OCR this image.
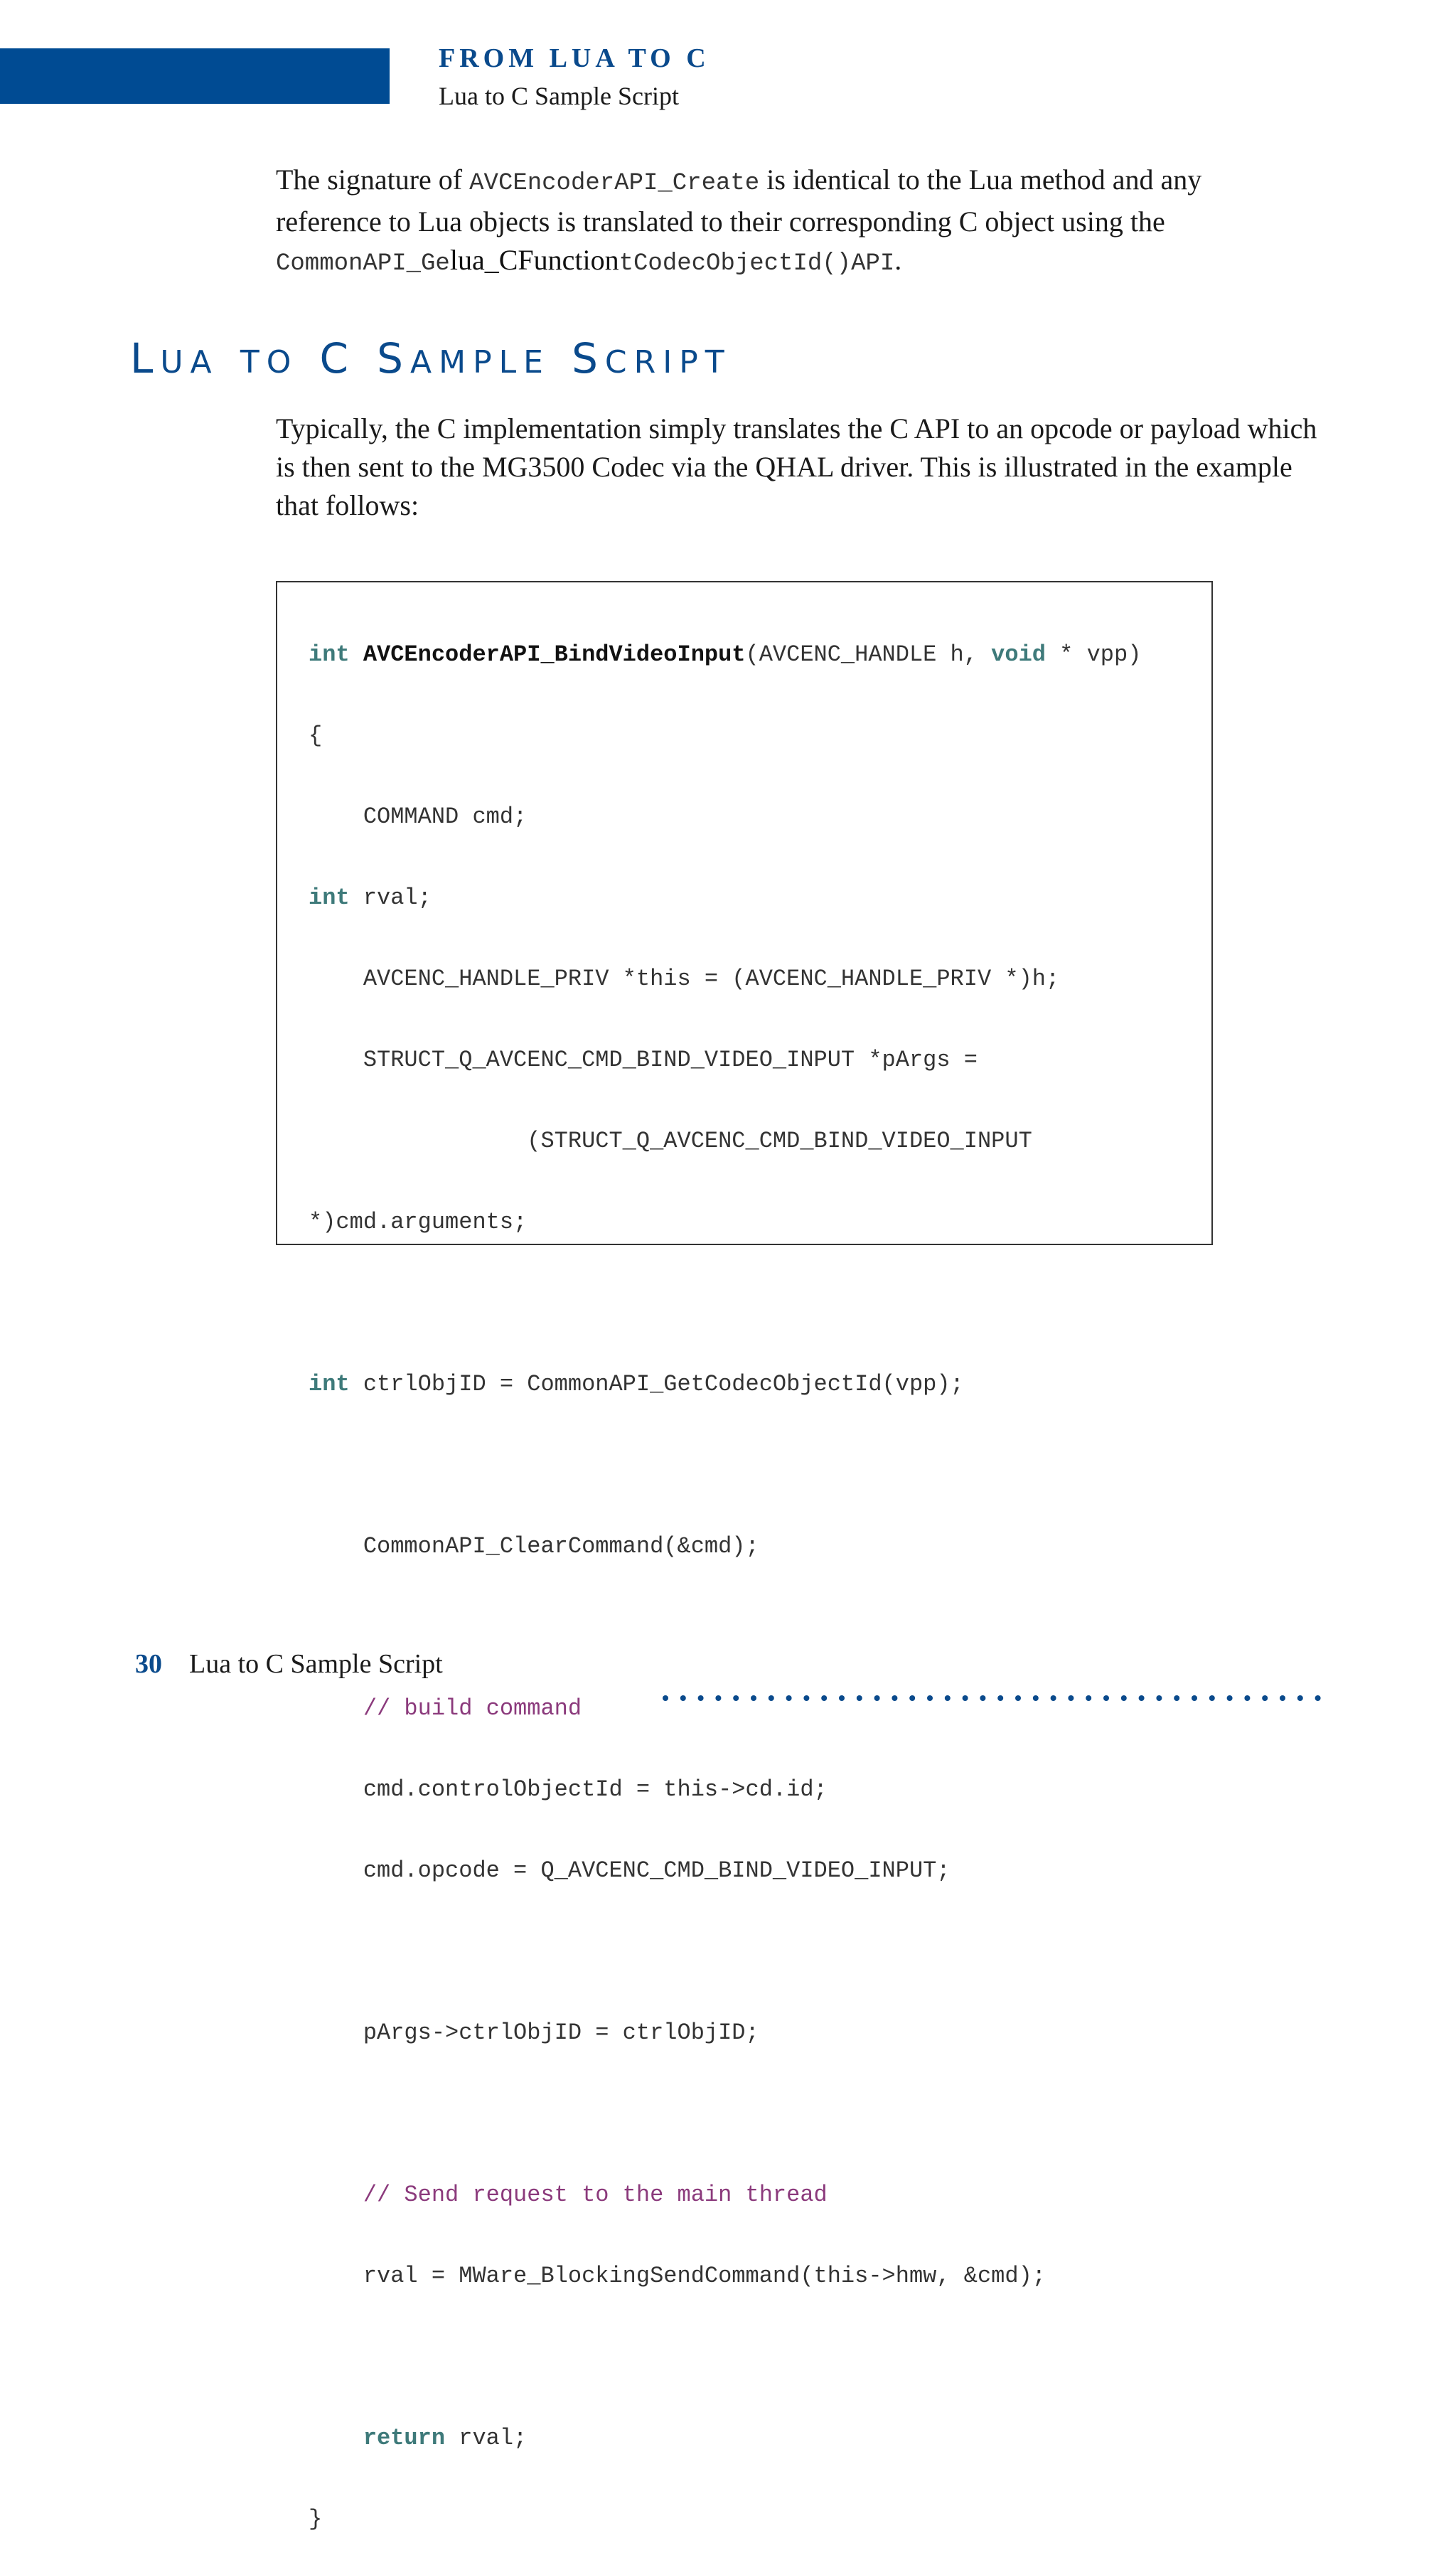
FROM LUA TO C
Lua to C Sample Script
The signature of AVCEncoderAPI_Create is identical to the Lua method and any
reference to Lua objects is translated to their corresponding C object using the
CommonAPI_Gelua_CFunctiontCodecObjectId()API.
LUA TO C SAMPLE SCRIPT
Typically, the C implementation simply translates the C API to an opcode or payload which
is then sent to the MG3500 Codec via the QHAL driver. This is illustrated in the example
that follows:

int AVCEncoderAPI_BindVideoInput(AVCENC_HANDLE h, void * vpp)

{

COMMAND cmd;

int rval;

AVCENC_HANDLE_PRIV *this = (AVCENC_HANDLE_PRIV *)h;

STRUCT_Q_AVCENC_CMD_BIND_VIDEO_INPUT *pArgs =

(STRUCT_Q_AVCENC_CMD_BIND_VIDEO_INPUT

*)cmd.arguments;

int ctrlObjID = CommonAPI_GetCodecObjectId(vpp);

CommonAPI_ClearCommand(&cmd);

// build command

cmd.controlObjectId = this->cd.id;

cmd.opcode = Q_AVCENC_CMD_BIND_VIDEO_INPUT;

pArgs->ctrlObjID = ctrlObjID;

// Send request to the main thread

rval = MWare_BlockingSendCommand(this->hmw, &cmd);

return rval;

}

30 Lua to C Sample Script
